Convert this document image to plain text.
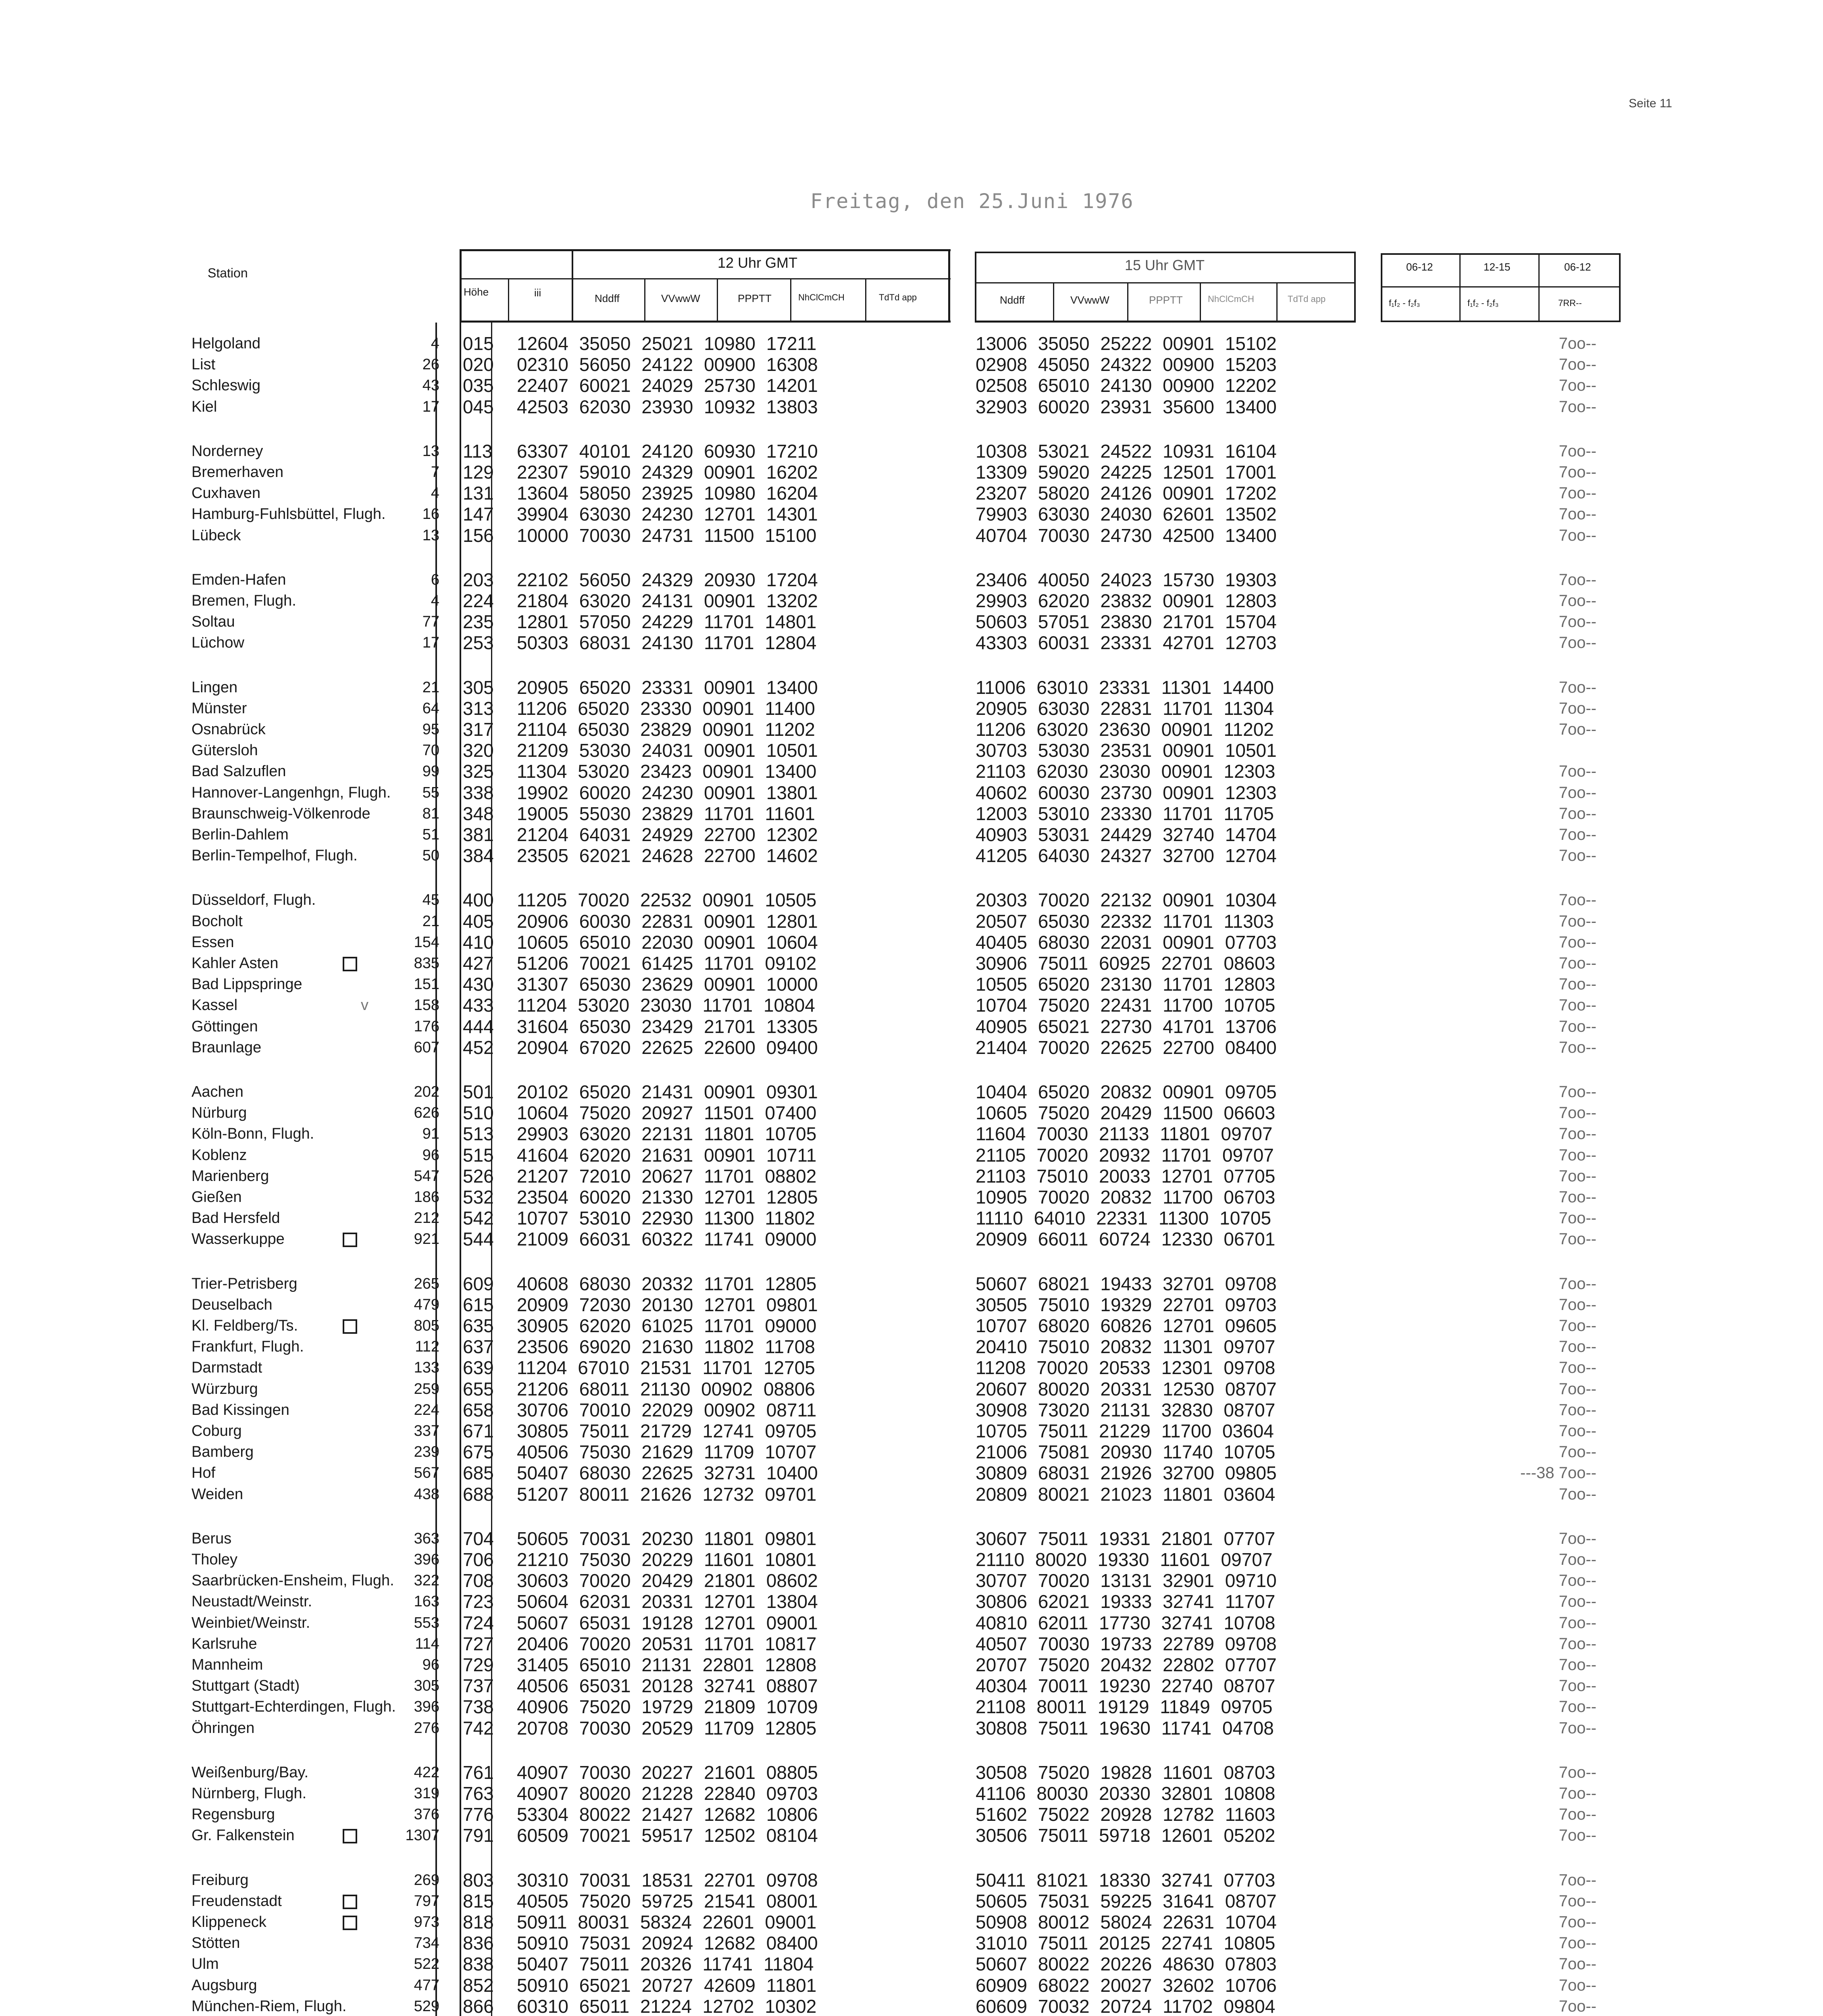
Seite 11
Freitag, den 25.Juni 1976
Station
Höhe	iii
12 Uhr GMT	15 Uhr GMT
Nddff	VVwwW	PPPTT	NhClCmCH	TdTd app	Nddff	VVwwW	PPPTT	NhClCmCH	TdTd app
06-12	12-15	06-12
f₁f₂ - f₂f₃	f₁f₂ - f₂f₃	7RR--
Helgoland	4 015 12604 35050 25021 10980 17211	13006 35050 25222 00901 15102	7oo--
List	26 020 02310 56050 24122 00900 16308	02908 45050 24322 00900 15203	7oo--
Schleswig	43 035 22407 60021 24029 25730 14201	02508 65010 24130 00900 12202	7oo--
Kiel	17 045 42503 62030 23930 10932 13803	32903 60020 23931 35600 13400	7oo--
Norderney	13 113 63307 40101 24120 60930 17210	10308 53021 24522 10931 16104	7oo--
Bremerhaven	7 129 22307 59010 24329 00901 16202	13309 59020 24225 12501 17001	7oo--
Cuxhaven	4 131 13604 58050 23925 10980 16204	23207 58020 24126 00901 17202	7oo--
Hamburg-Fuhlsbüttel, Flugh.	16 147 39904 63030 24230 12701 14301	79903 63030 24030 62601 13502	7oo--
Lübeck	13 156 10000 70030 24731 11500 15100	40704 70030 24730 42500 13400	7oo--
Emden-Hafen	6 203 22102 56050 24329 20930 17204	23406 40050 24023 15730 19303	7oo--
Bremen, Flugh.	4 224 21804 63020 24131 00901 13202	29903 62020 23832 00901 12803	7oo--
Soltau	77 235 12801 57050 24229 11701 14801	50603 57051 23830 21701 15704	7oo--
Lüchow	17 253 50303 68031 24130 11701 12804	43303 60031 23331 42701 12703	7oo--
Lingen	21 305 20905 65020 23331 00901 13400	11006 63010 23331 11301 14400	7oo--
Münster	64 313 11206 65020 23330 00901 11400	20905 63030 22831 11701 11304	7oo--
Osnabrück	95 317 21104 65030 23829 00901 11202	11206 63020 23630 00901 11202	7oo--
Gütersloh	70 320 21209 53030 24031 00901 10501	30703 53030 23531 00901 10501
Bad Salzuflen	99 325 11304 53020 23423 00901 13400	21103 62030 23030 00901 12303	7oo--
Hannover-Langenhgn, Flugh.	55 338 19902 60020 24230 00901 13801	40602 60030 23730 00901 12303	7oo--
Braunschweig-Völkenrode	81 348 19005 55030 23829 11701 11601	12003 53010 23330 11701 11705	7oo--
Berlin-Dahlem	51 381 21204 64031 24929 22700 12302	40903 53031 24429 32740 14704	7oo--
Berlin-Tempelhof, Flugh.	50 384 23505 62021 24628 22700 14602	41205 64030 24327 32700 12704	7oo--
Düsseldorf, Flugh.	45 400 11205 70020 22532 00901 10505	20303 70020 22132 00901 10304	7oo--
Bocholt	21 405 20906 60030 22831 00901 12801	20507 65030 22332 11701 11303	7oo--
Essen	154 410 10605 65010 22030 00901 10604	40405 68030 22031 00901 07703	7oo--
Kahler Asten	835 427 51206 70021 61425 11701 09102	30906 75011 60925 22701 08603	7oo--
Bad Lippspringe	151 430 31307 65030 23629 00901 10000	10505 65020 23130 11701 12803	7oo--
Kassel	v	158 433 11204 53020 23030 11701 10804	10704 75020 22431 11700 10705	7oo--
Göttingen	176 444 31604 65030 23429 21701 13305	40905 65021 22730 41701 13706	7oo--
Braunlage	607 452 20904 67020 22625 22600 09400	21404 70020 22625 22700 08400	7oo--
Aachen	202 501 20102 65020 21431 00901 09301	10404 65020 20832 00901 09705	7oo--
Nürburg	626 510 10604 75020 20927 11501 07400	10605 75020 20429 11500 06603	7oo--
Köln-Bonn, Flugh.	91 513 29903 63020 22131 11801 10705	11604 70030 21133 11801 09707	7oo--
Koblenz	96 515 41604 62020 21631 00901 10711	21105 70020 20932 11701 09707	7oo--
Marienberg	547 526 21207 72010 20627 11701 08802	21103 75010 20033 12701 07705	7oo--
Gießen	186 532 23504 60020 21330 12701 12805	10905 70020 20832 11700 06703	7oo--
Bad Hersfeld	212 542 10707 53010 22930 11300 11802	11110 64010 22331 11300 10705	7oo--
Wasserkuppe	921 544 21009 66031 60322 11741 09000	20909 66011 60724 12330 06701	7oo--
Trier-Petrisberg	265 609 40608 68030 20332 11701 12805	50607 68021 19433 32701 09708	7oo--
Deuselbach	479 615 20909 72030 20130 12701 09801	30505 75010 19329 22701 09703	7oo--
Kl. Feldberg/Ts.	805 635 30905 62020 61025 11701 09000	10707 68020 60826 12701 09605	7oo--
Frankfurt, Flugh.	112 637 23506 69020 21630 11802 11708	20410 75010 20832 11301 09707	7oo--
Darmstadt	133 639 11204 67010 21531 11701 12705	11208 70020 20533 12301 09708	7oo--
Würzburg	259 655 21206 68011 21130 00902 08806	20607 80020 20331 12530 08707	7oo--
Bad Kissingen	224 658 30706 70010 22029 00902 08711	30908 73020 21131 32830 08707	7oo--
Coburg	337 671 30805 75011 21729 12741 09705	10705 75011 21229 11700 03604	7oo--
Bamberg	239 675 40506 75030 21629 11709 10707	21006 75081 20930 11740 10705	7oo--
Hof	567 685 50407 68030 22625 32731 10400	30809 68031 21926 32700 09805	---38 7oo--
Weiden	438 688 51207 80011 21626 12732 09701	20809 80021 21023 11801 03604	7oo--
Berus	363 704 50605 70031 20230 11801 09801	30607 75011 19331 21801 07707	7oo--
Tholey	396 706 21210 75030 20229 11601 10801	21110 80020 19330 11601 09707	7oo--
Saarbrücken-Ensheim, Flugh.	322 708 30603 70020 20429 21801 08602	30707 70020 13131 32901 09710	7oo--
Neustadt/Weinstr.	163 723 50604 62031 20331 12701 13804	30806 62021 19333 32741 11707	7oo--
Weinbiet/Weinstr.	553 724 50607 65031 19128 12701 09001	40810 62011 17730 32741 10708	7oo--
Karlsruhe	114 727 20406 70020 20531 11701 10817	40507 70030 19733 22789 09708	7oo--
Mannheim	96 729 31405 65010 21131 22801 12808	20707 75020 20432 22802 07707	7oo--
Stuttgart (Stadt)	305 737 40506 65031 20128 32741 08807	40304 70011 19230 22740 08707	7oo--
Stuttgart-Echterdingen, Flugh.	396 738 40906 75020 19729 21809 10709	21108 80011 19129 11849 09705	7oo--
Öhringen	276 742 20708 70030 20529 11709 12805	30808 75011 19630 11741 04708	7oo--
Weißenburg/Bay.	422 761 40907 70030 20227 21601 08805	30508 75020 19828 11601 08703	7oo--
Nürnberg, Flugh.	319 763 40907 80020 21228 22840 09703	41106 80030 20330 32801 10808	7oo--
Regensburg	376 776 53304 80022 21427 12682 10806	51602 75022 20928 12782 11603	7oo--
Gr. Falkenstein	1307 791 60509 70021 59517 12502 08104	30506 75011 59718 12601 05202	7oo--
Freiburg	269 803 30310 70031 18531 22701 09708	50411 81021 18330 32741 07703	7oo--
Freudenstadt	797 815 40505 75020 59725 21541 08001	50605 75031 59225 31641 08707	7oo--
Klippeneck	973 818 50911 80031 58324 22601 09001	50908 80012 58024 22631 10704	7oo--
Stötten	734 836 50910 75031 20924 12682 08400	31010 75011 20125 22741 10805	7oo--
Ulm	522 838 50407 75011 20326 11741 11804	50607 80022 20226 48630 07803	7oo--
Augsburg	477 852 50910 65021 20727 42609 11801	60909 68022 20027 32602 10706	7oo--
München-Riem, Flugh.	529 866 60310 65011 21224 12702 10302	60609 70032 20724 11702 09804	7oo--
